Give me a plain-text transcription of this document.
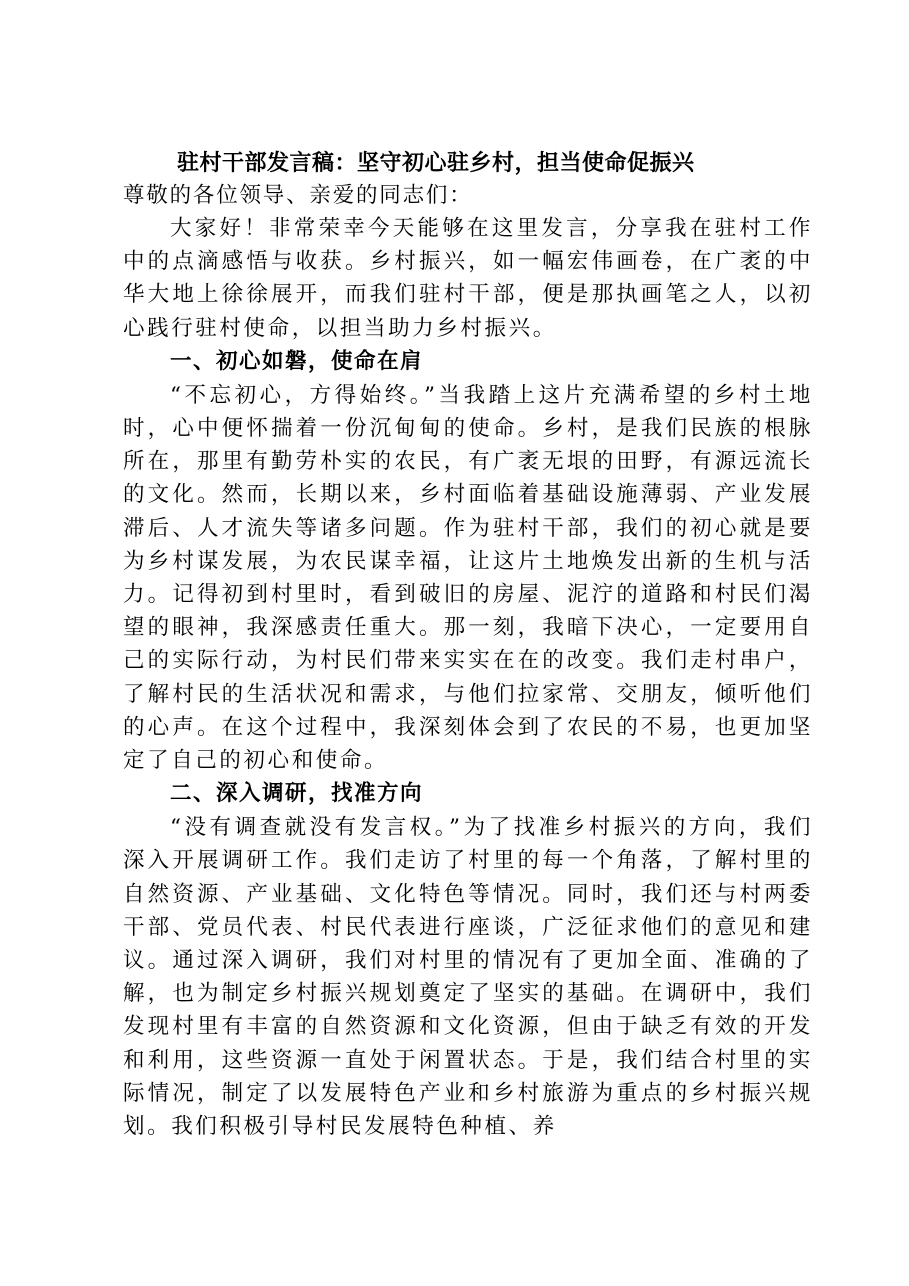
驻村干部发言稿：坚守初心驻乡村，担当使命促振兴

尊敬的各位领导、亲爱的同志们：

大家好！非常荣幸今天能够在这里发言，分享我在驻村工作中的点滴感悟与收获。乡村振兴，如一幅宏伟画卷，在广袤的中华大地上徐徐展开，而我们驻村干部，便是那执画笔之人，以初心践行驻村使命，以担当助力乡村振兴。

一、初心如磐，使命在肩

“不忘初心，方得始终。”当我踏上这片充满希望的乡村土地时，心中便怀揣着一份沉甸甸的使命。乡村，是我们民族的根脉所在，那里有勤劳朴实的农民，有广袤无垠的田野，有源远流长的文化。然而，长期以来，乡村面临着基础设施薄弱、产业发展滞后、人才流失等诸多问题。作为驻村干部，我们的初心就是要为乡村谋发展，为农民谋幸福，让这片土地焕发出新的生机与活力。记得初到村里时，看到破旧的房屋、泥泞的道路和村民们渴望的眼神，我深感责任重大。那一刻，我暗下决心，一定要用自己的实际行动，为村民们带来实实在在的改变。我们走村串户，了解村民的生活状况和需求，与他们拉家常、交朋友，倾听他们的心声。在这个过程中，我深刻体会到了农民的不易，也更加坚定了自己的初心和使命。

二、深入调研，找准方向

“没有调查就没有发言权。”为了找准乡村振兴的方向，我们深入开展调研工作。我们走访了村里的每一个角落，了解村里的自然资源、产业基础、文化特色等情况。同时，我们还与村两委干部、党员代表、村民代表进行座谈，广泛征求他们的意见和建议。通过深入调研，我们对村里的情况有了更加全面、准确的了解，也为制定乡村振兴规划奠定了坚实的基础。在调研中，我们发现村里有丰富的自然资源和文化资源，但由于缺乏有效的开发和利用，这些资源一直处于闲置状态。于是，我们结合村里的实际情况，制定了以发展特色产业和乡村旅游为重点的乡村振兴规划。我们积极引导村民发展特色种植、养
